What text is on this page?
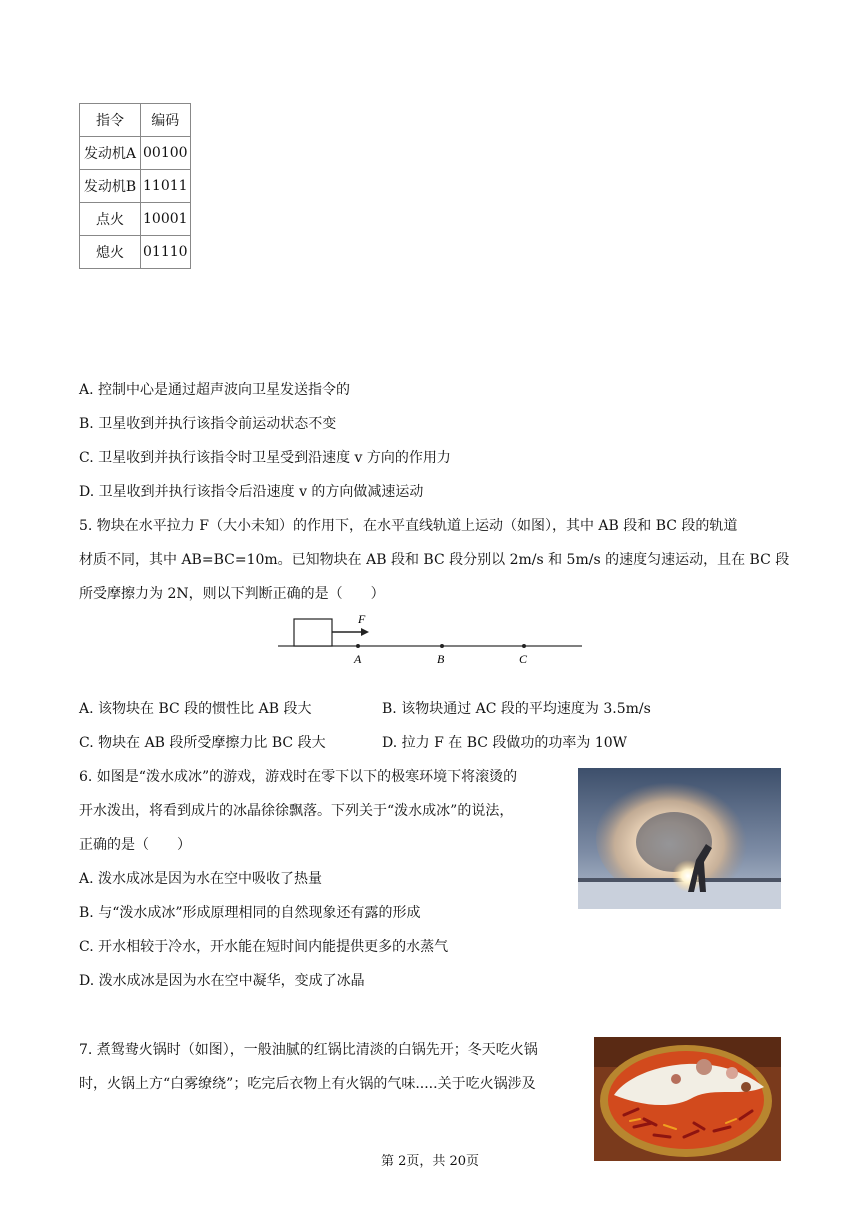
指令	编码
发动机A	00100
发动机B	11011
点火	10001
熄火	01110
A. 控制中心是通过超声波向卫星发送指令的
B. 卫星收到并执行该指令前运动状态不变
C. 卫星收到并执行该指令时卫星受到沿速度 v 方向的作用力
D. 卫星收到并执行该指令后沿速度 v 的方向做减速运动
5. 物块在水平拉力 F（大小未知）的作用下，在水平直线轨道上运动（如图），其中 AB 段和 BC 段的轨道
材质不同，其中 AB=BC=10m。已知物块在 AB 段和 BC 段分别以 2m/s 和 5m/s 的速度匀速运动，且在 BC 段
所受摩擦力为 2N，则以下判断正确的是（　　）
F
A	B	C
A. 该物块在 BC 段的惯性比 AB 段大	B. 该物块通过 AC 段的平均速度为 3.5m/s
C. 物块在 AB 段所受摩擦力比 BC 段大	D. 拉力 F 在 BC 段做功的功率为 10W
6. 如图是“泼水成冰”的游戏，游戏时在零下以下的极寒环境下将滚烫的
开水泼出，将看到成片的冰晶徐徐飘落。下列关于“泼水成冰”的说法，
正确的是（　　）
A. 泼水成冰是因为水在空中吸收了热量
B. 与“泼水成冰”形成原理相同的自然现象还有露的形成
C. 开水相较于冷水，开水能在短时间内能提供更多的水蒸气
D. 泼水成冰是因为水在空中凝华，变成了冰晶
7. 煮鸳鸯火锅时（如图），一般油腻的红锅比清淡的白锅先开；冬天吃火锅
时，火锅上方“白雾缭绕”；吃完后衣物上有火锅的气味.....关于吃火锅涉及
第 2页，共 20页
